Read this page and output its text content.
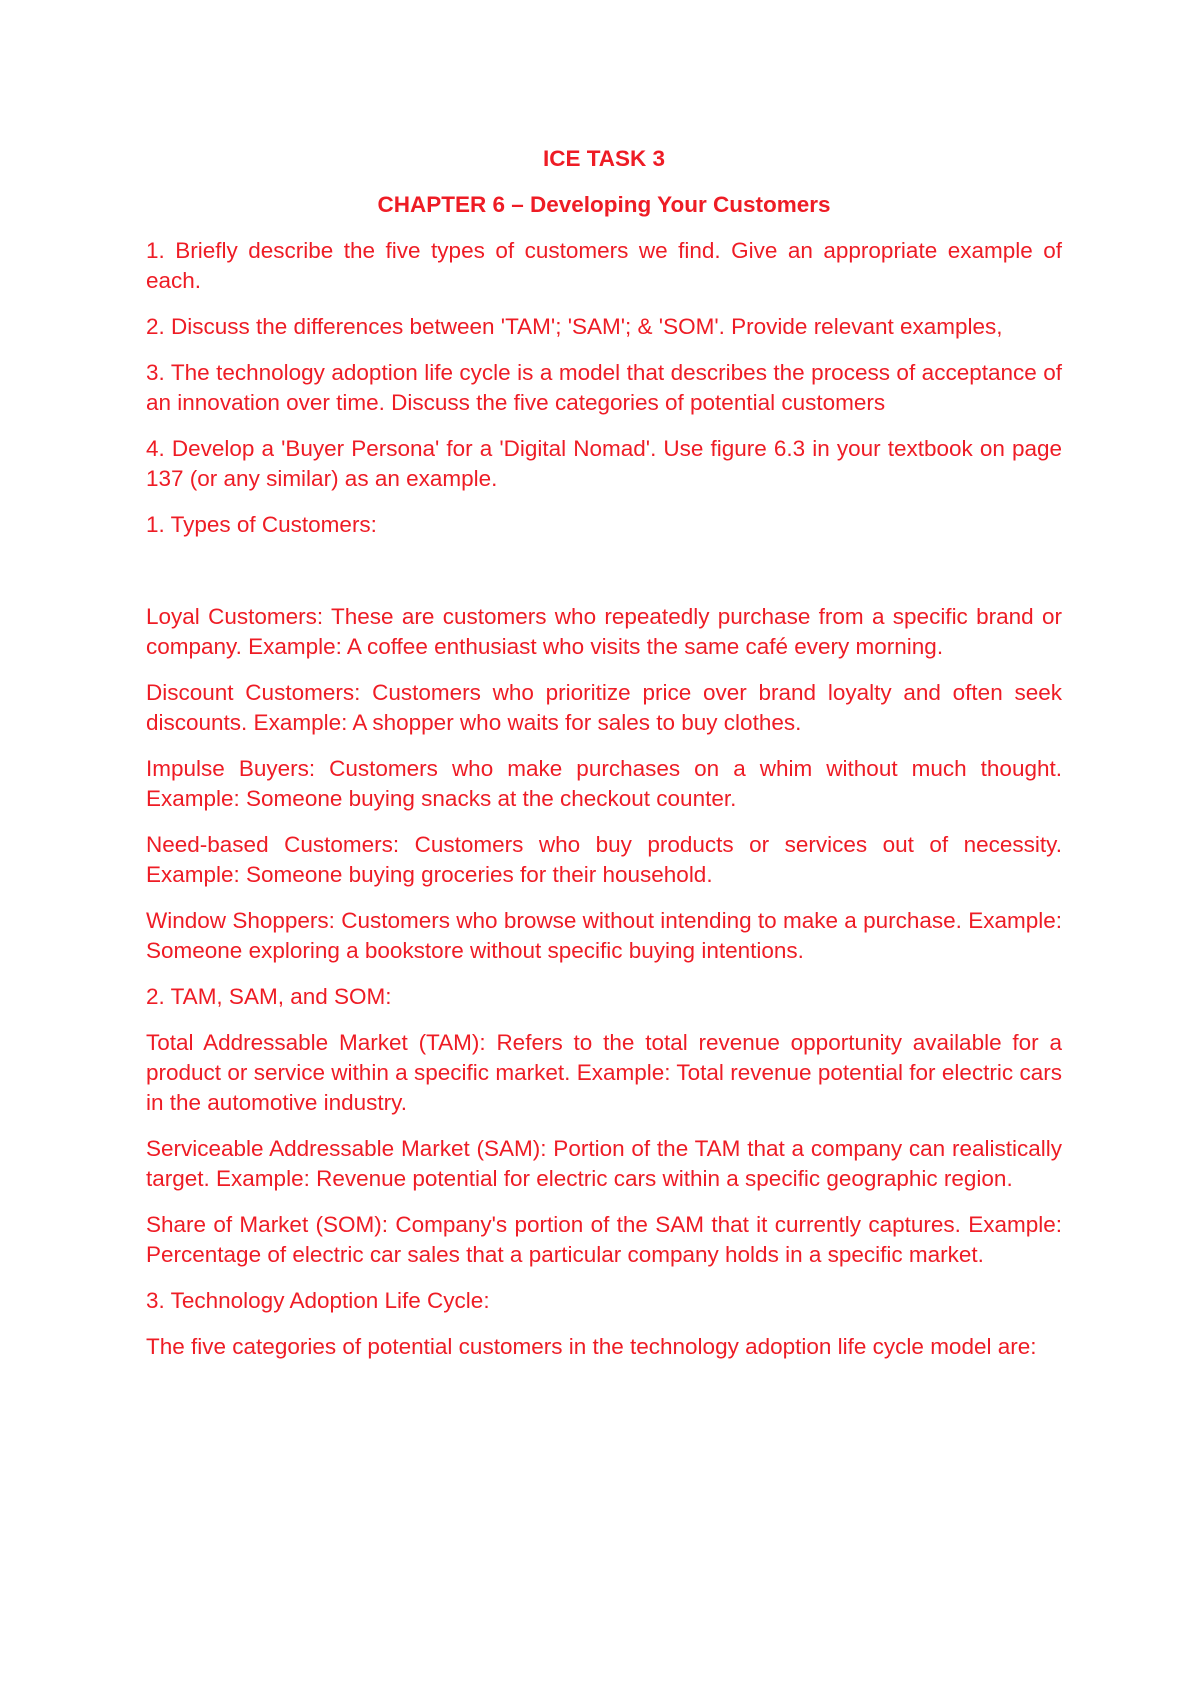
ICE TASK 3
CHAPTER 6 – Developing Your Customers
1. Briefly describe the five types of customers we find. Give an appropriate example of each.
2. Discuss the differences between 'TAM'; 'SAM'; & 'SOM'. Provide relevant examples,
3. The technology adoption life cycle is a model that describes the process of acceptance of an innovation over time. Discuss the five categories of potential customers
4. Develop a 'Buyer Persona' for a 'Digital Nomad'. Use figure 6.3 in your textbook on page 137 (or any similar) as an example.
1. Types of Customers:
Loyal Customers: These are customers who repeatedly purchase from a specific brand or company. Example: A coffee enthusiast who visits the same café every morning.
Discount Customers: Customers who prioritize price over brand loyalty and often seek discounts. Example: A shopper who waits for sales to buy clothes.
Impulse Buyers: Customers who make purchases on a whim without much thought. Example: Someone buying snacks at the checkout counter.
Need-based Customers: Customers who buy products or services out of necessity. Example: Someone buying groceries for their household.
Window Shoppers: Customers who browse without intending to make a purchase. Example: Someone exploring a bookstore without specific buying intentions.
2. TAM, SAM, and SOM:
Total Addressable Market (TAM): Refers to the total revenue opportunity available for a product or service within a specific market. Example: Total revenue potential for electric cars in the automotive industry.
Serviceable Addressable Market (SAM): Portion of the TAM that a company can realistically target. Example: Revenue potential for electric cars within a specific geographic region.
Share of Market (SOM): Company's portion of the SAM that it currently captures. Example: Percentage of electric car sales that a particular company holds in a specific market.
3. Technology Adoption Life Cycle:
The five categories of potential customers in the technology adoption life cycle model are:
